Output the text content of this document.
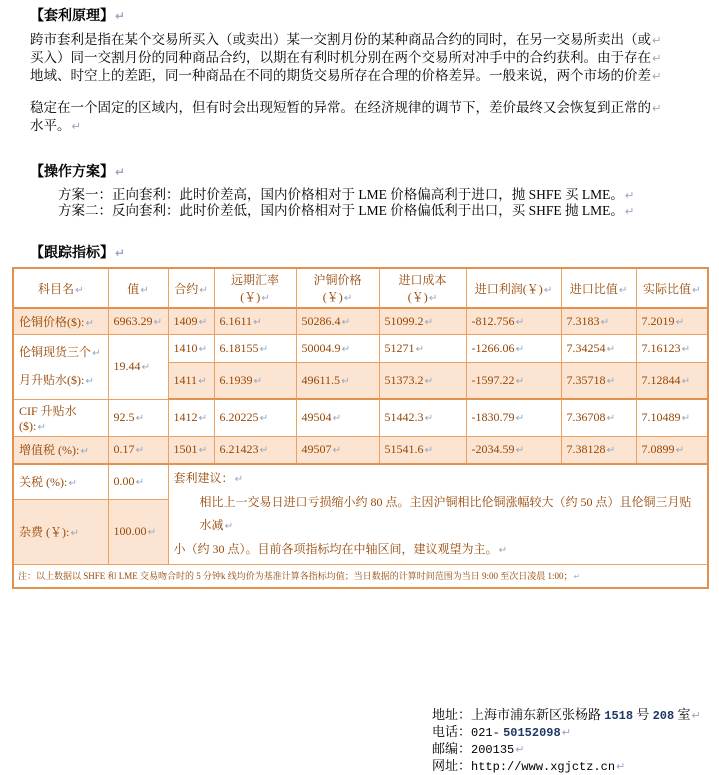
【套利原理】↵
跨市套利是指在某个交易所买入（或卖出）某一交割月份的某种商品合约的同时，在另一交易所卖出（或↵
买入）同一交割月份的同种商品合约，以期在有利时机分别在两个交易所对冲手中的合约获利。由于存在↵
地域、时空上的差距，同一种商品在不同的期货交易所存在合理的价格差异。一般来说，两个市场的价差↵
稳定在一个固定的区域内，但有时会出现短暂的异常。在经济规律的调节下，差价最终又会恢复到正常的↵
水平。↵
【操作方案】↵
方案一：正向套利：此时价差高，国内价格相对于 LME 价格偏高利于进口，抛 SHFE 买 LME。↵
方案二：反向套利：此时价差低，国内价格相对于 LME 价格偏低利于出口，买 SHFE 抛 LME。↵
【跟踪指标】↵
科目名↵	值↵	合约↵	远期汇率(￥)↵	沪铜价格(￥)↵	进口成本(￥)↵	进口利润(￥)↵	进口比值↵	实际比值↵
伦铜价格($):↵	6963.29↵	1409↵	6.1611↵	50286.4↵	51099.2↵	-812.756↵	7.3183↵	7.2019↵
伦铜现货三个↵
月升贴水($):↵	19.44↵	1410↵	6.18155↵	50004.9↵	51271↵	-1266.06↵	7.34254↵	7.16123↵
		1411↵	6.1939↵	49611.5↵	51373.2↵	-1597.22↵	7.35718↵	7.12844↵
CIF 升贴水($):↵	92.5↵	1412↵	6.20225↵	49504↵	51442.3↵	-1830.79↵	7.36708↵	7.10489↵
增值税 (%):↵	0.17↵	1501↵	6.21423↵	49507↵	51541.6↵	-2034.59↵	7.38128↵	7.0899↵
关税 (%):↵	0.00↵	套利建议：↵
相比上一交易日进口亏损缩小约 80 点。主因沪铜相比伦铜涨幅较大（约 50 点）且伦铜三月贴水减↵
小（约 30 点）。目前各项指标均在中轴区间，建议观望为主。↵						

杂费 (￥):↵	100.00↵							
注：以上数据以 SHFE 和 LME 交易吻合时的 5 分钟k 线均价为基准计算各指标均值；当日数据的计算时间范围为当日 9:00 至次日凌晨 1:00；↵								
地址：上海市浦东新区张杨路 1518 号 208 室↵
电话：021- 50152098↵
邮编：200135↵
网址：http://www.xgjctz.cn↵
